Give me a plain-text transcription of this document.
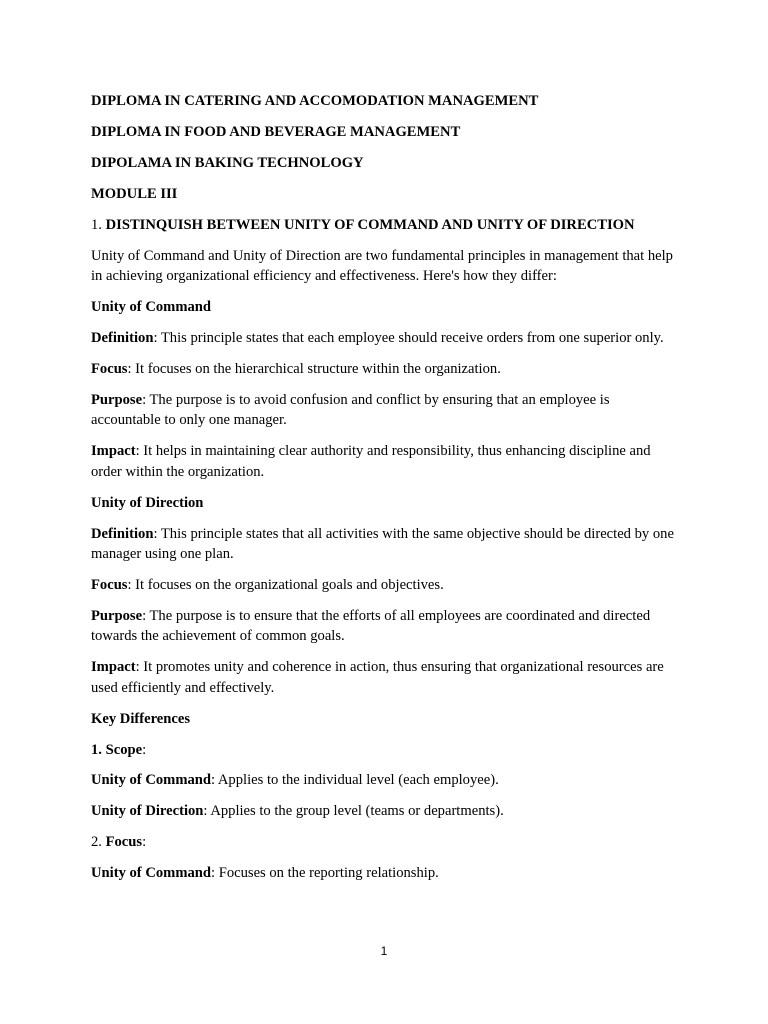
DIPLOMA IN CATERING AND ACCOMODATION MANAGEMENT

DIPLOMA IN FOOD AND BEVERAGE MANAGEMENT

DIPOLAMA IN BAKING TECHNOLOGY

MODULE III

1. DISTINQUISH BETWEEN UNITY OF COMMAND AND UNITY OF DIRECTION

Unity of Command and Unity of Direction are two fundamental principles in management that help in achieving organizational efficiency and effectiveness. Here's how they differ:

Unity of Command

Definition: This principle states that each employee should receive orders from one superior only.

Focus: It focuses on the hierarchical structure within the organization.

Purpose: The purpose is to avoid confusion and conflict by ensuring that an employee is accountable to only one manager.

Impact: It helps in maintaining clear authority and responsibility, thus enhancing discipline and order within the organization.

Unity of Direction

Definition: This principle states that all activities with the same objective should be directed by one manager using one plan.

Focus: It focuses on the organizational goals and objectives.

Purpose: The purpose is to ensure that the efforts of all employees are coordinated and directed towards the achievement of common goals.

Impact: It promotes unity and coherence in action, thus ensuring that organizational resources are used efficiently and effectively.

Key Differences

1. Scope:

Unity of Command: Applies to the individual level (each employee).

Unity of Direction: Applies to the group level (teams or departments).

2. Focus:

Unity of Command: Focuses on the reporting relationship.

1
